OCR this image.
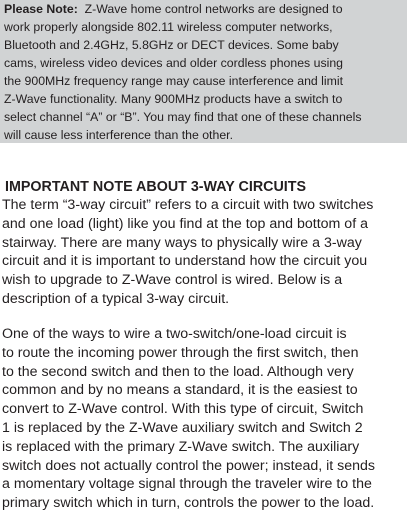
Please Note:  Z-Wave home control networks are designed to
work properly alongside 802.11 wireless computer networks,
Bluetooth and 2.4GHz, 5.8GHz or DECT devices. Some baby
cams, wireless video devices and older cordless phones using
the 900MHz frequency range may cause interference and limit
Z-Wave functionality. Many 900MHz products have a switch to
select channel “A” or “B”. You may find that one of these channels
will cause less interference than the other.
IMPORTANT NOTE ABOUT 3-WAY CIRCUITS
The term “3-way circuit” refers to a circuit with two switches
and one load (light) like you find at the top and bottom of a
stairway. There are many ways to physically wire a 3-way
circuit and it is important to understand how the circuit you
wish to upgrade to Z-Wave control is wired. Below is a
description of a typical 3-way circuit.
One of the ways to wire a two-switch/one-load circuit is
to route the incoming power through the first switch, then
to the second switch and then to the load. Although very
common and by no means a standard, it is the easiest to
convert to Z-Wave control. With this type of circuit, Switch
1 is replaced by the Z-Wave auxiliary switch and Switch 2
is replaced with the primary Z-Wave switch. The auxiliary
switch does not actually control the power; instead, it sends
a momentary voltage signal through the traveler wire to the
primary switch which in turn, controls the power to the load.
